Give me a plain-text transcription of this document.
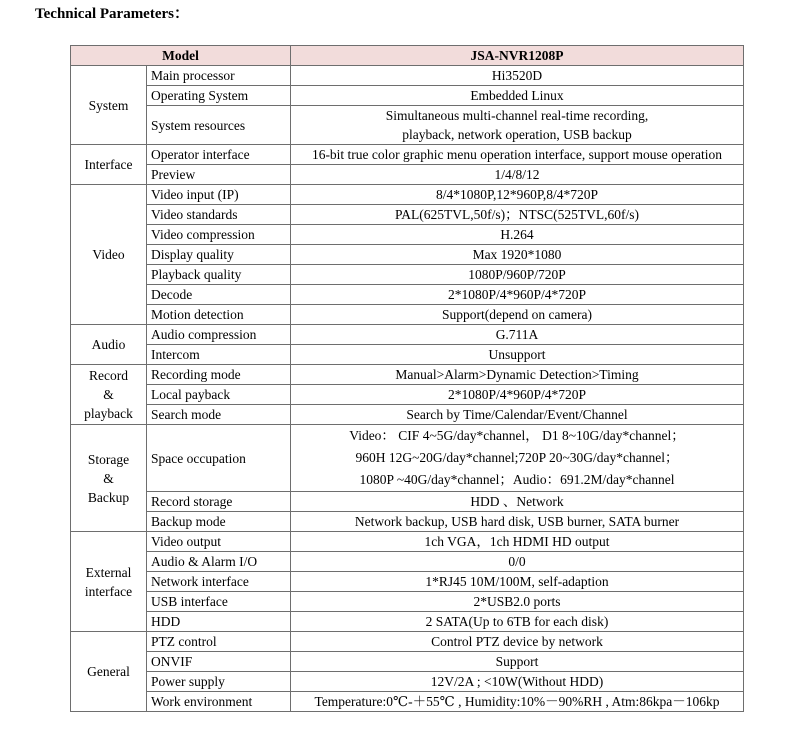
Technical Parameters：
Model		JSA-NVR1208P
System	Main processor	Hi3520D
	Operating System	Embedded Linux
	System resources	Simultaneous multi-channel real-time recording,
playback, network operation, USB backup
Interface	Operator interface	16-bit true color graphic menu operation interface, support mouse operation
	Preview	1/4/8/12
Video	Video input (IP)	8/4*1080P,12*960P,8/4*720P
	Video standards	PAL(625TVL,50f/s)；NTSC(525TVL,60f/s)
	Video compression	H.264
	Display quality	Max 1920*1080
	Playback quality	1080P/960P/720P
	Decode	2*1080P/4*960P/4*720P
	Motion detection	Support(depend on camera)
Audio	Audio compression	G.711A
	Intercom	Unsupport
Record
&
playback	Recording mode	Manual>Alarm>Dynamic Detection>Timing
	Local payback	2*1080P/4*960P/4*720P
	Search mode	Search by Time/Calendar/Event/Channel
Storage
&
Backup	Space occupation	Video： CIF 4~5G/day*channel， D1 8~10G/day*channel；
960H 12G~20G/day*channel;720P 20~30G/day*channel；
1080P ~40G/day*channel；Audio：691.2M/day*channel
	Record storage	HDD 、Network
	Backup mode	Network backup, USB hard disk, USB burner, SATA burner
External
interface	Video output	1ch VGA，1ch HDMI HD output
	Audio & Alarm I/O	0/0
	Network interface	1*RJ45 10M/100M, self-adaption
	USB interface	2*USB2.0 ports
	HDD	2 SATA(Up to 6TB for each disk)
General	PTZ control	Control PTZ device by network
	ONVIF	Support
	Power supply	12V/2A ; <10W(Without HDD)
	Work environment	Temperature:0℃-＋55℃ , Humidity:10%－90%RH , Atm:86kpa－106kp
